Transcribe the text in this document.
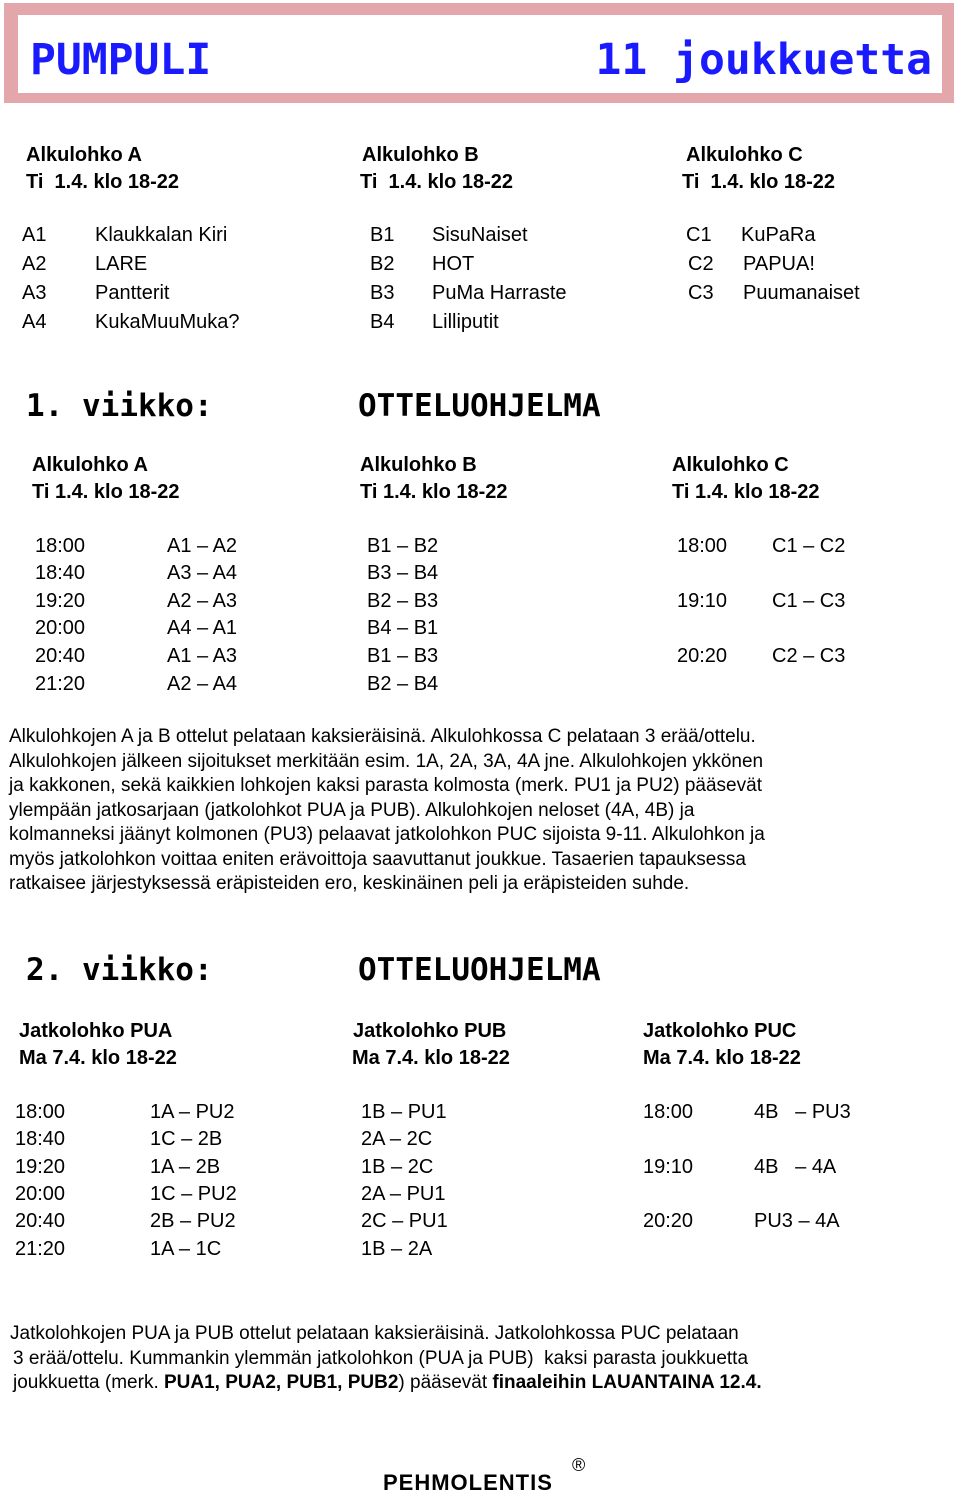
PUMPULI	11 joukkuetta
Alkulohko A
Ti  1.4. klo 18-22
Alkulohko B
Ti  1.4. klo 18-22
Alkulohko C
Ti  1.4. klo 18-22
A1 Klaukkalan Kiri
A2 LARE
A3 Pantterit
A4 KukaMuuMuka?
B1 SisuNaiset
B2 HOT
B3 PuMa Harraste
B4 Lilliputit
C1 KuPaRa
C2 PAPUA!
C3 Puumanaiset
1. viikko:	OTTELUOHJELMA
Alkulohko A
Ti 1.4. klo 18-22
Alkulohko B
Ti 1.4. klo 18-22
Alkulohko C
Ti 1.4. klo 18-22
18:00	A1 – A2	B1 – B2
18:40	A3 – A4	B3 – B4
19:20	A2 – A3	B2 – B3
20:00	A4 – A1	B4 – B1
20:40	A1 – A3	B1 – B3
21:20	A2 – A4	B2 – B4
18:00 C1 – C2
19:10 C1 – C3
20:20 C2 – C3
Alkulohkojen A ja B ottelut pelataan kaksieräisinä. Alkulohkossa C pelataan 3 erää/ottelu.
Alkulohkojen jälkeen sijoitukset merkitään esim. 1A, 2A, 3A, 4A jne. Alkulohkojen ykkönen
ja kakkonen, sekä kaikkien lohkojen kaksi parasta kolmosta (merk. PU1 ja PU2) pääsevät
ylempään jatkosarjaan (jatkolohkot PUA ja PUB). Alkulohkojen neloset (4A, 4B) ja
kolmanneksi jäänyt kolmonen (PU3) pelaavat jatkolohkon PUC sijoista 9-11. Alkulohkon ja
myös jatkolohkon voittaa eniten erävoittoja saavuttanut joukkue. Tasaerien tapauksessa
ratkaisee järjestyksessä eräpisteiden ero, keskinäinen peli ja eräpisteiden suhde.
2. viikko:	OTTELUOHJELMA
Jatkolohko PUA
Ma 7.4. klo 18-22
Jatkolohko PUB
Ma 7.4. klo 18-22
Jatkolohko PUC
Ma 7.4. klo 18-22
18:00	1A – PU2	1B – PU1
18:40	1C – 2B	2A – 2C
19:20	1A – 2B	1B – 2C
20:00	1C – PU2	2A – PU1
20:40	2B – PU2	2C – PU1
21:20	1A – 1C	1B – 2A
18:00	4B   – PU3
19:10	4B   – 4A
20:20	PU3 – 4A
Jatkolohkojen PUA ja PUB ottelut pelataan kaksieräisinä. Jatkolohkossa PUC pelataan
3 erää/ottelu. Kummankin ylemmän jatkolohkon (PUA ja PUB)  kaksi parasta joukkuetta
joukkuetta (merk. PUA1, PUA2, PUB1, PUB2) pääsevät finaaleihin LAUANTAINA 12.4.
PEHMOLENTIS
®
